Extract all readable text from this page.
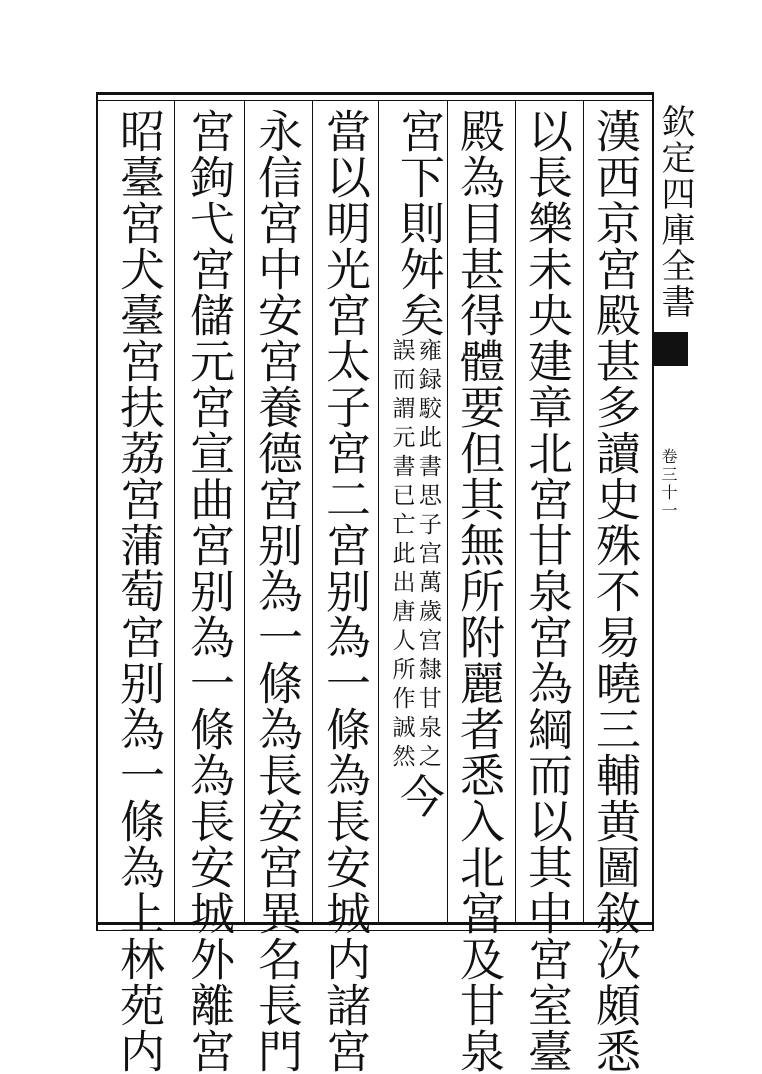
漢西京宮殿甚多讀史殊不易曉三輔黄圖敘次頗悉
以長樂未央建章北宮甘泉宮為綱而以其中宮室臺
殿為目甚得體要但其無所附麗者悉入北宮及甘泉
宮下則舛矣雍録駮此書思子宫萬歲宫隸甘泉之
誤而謂元書已亡此出唐人所作誠然今
當以明光宮太子宮二宮别為一條為長安城内諸宮
永信宮中安宮養德宮别為一條為長安宮異名長門
宮鉤弋宮儲元宮宣曲宮别為一條為長安城外離宮
昭臺宮犬臺宮扶荔宮蒲萄宮别為一條為上林苑内	欽定四庫全書
卷三十一
